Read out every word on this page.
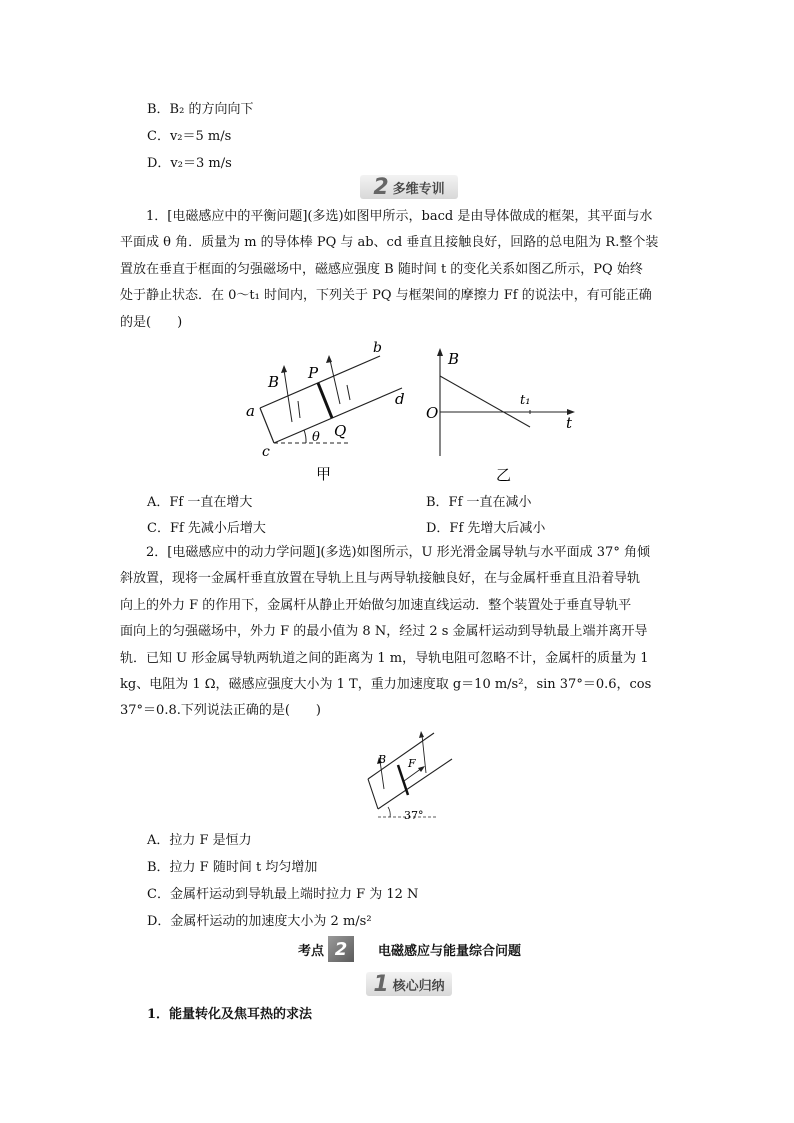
B．B₂ 的方向向下
C．v₂＝5 m/s
D．v₂＝3 m/s
2 多维专训
1．[电磁感应中的平衡问题](多选)如图甲所示，bacd 是由导体做成的框架，其平面与水
平面成 θ 角．质量为 m 的导体棒 PQ 与 ab、cd 垂直且接触良好，回路的总电阻为 R.整个装
置放在垂直于框面的匀强磁场中，磁感应强度 B 随时间 t 的变化关系如图乙所示，PQ 始终
处于静止状态．在 0～t₁ 时间内，下列关于 PQ 与框架间的摩擦力 Ff 的说法中，有可能正确
的是(　　)
b
B P
a
d
Q
θ
c
甲
B
O
t₁
t
乙
A．Ff 一直在增大	B．Ff 一直在减小
C．Ff 先减小后增大	D．Ff 先增大后减小
2．[电磁感应中的动力学问题](多选)如图所示，U 形光滑金属导轨与水平面成 37° 角倾
斜放置，现将一金属杆垂直放置在导轨上且与两导轨接触良好，在与金属杆垂直且沿着导轨
向上的外力 F 的作用下，金属杆从静止开始做匀加速直线运动．整个装置处于垂直导轨平
面向上的匀强磁场中，外力 F 的最小值为 8 N，经过 2 s 金属杆运动到导轨最上端并离开导
轨．已知 U 形金属导轨两轨道之间的距离为 1 m，导轨电阻可忽略不计，金属杆的质量为 1
kg、电阻为 1 Ω，磁感应强度大小为 1 T，重力加速度取 g＝10 m/s²，sin 37°＝0.6，cos
37°＝0.8.下列说法正确的是(　　)
B F
37°
A．拉力 F 是恒力
B．拉力 F 随时间 t 均匀增加
C．金属杆运动到导轨最上端时拉力 F 为 12 N
D．金属杆运动的加速度大小为 2 m/s²
考点 2	电磁感应与能量综合问题
1 核心归纳
1．能量转化及焦耳热的求法
